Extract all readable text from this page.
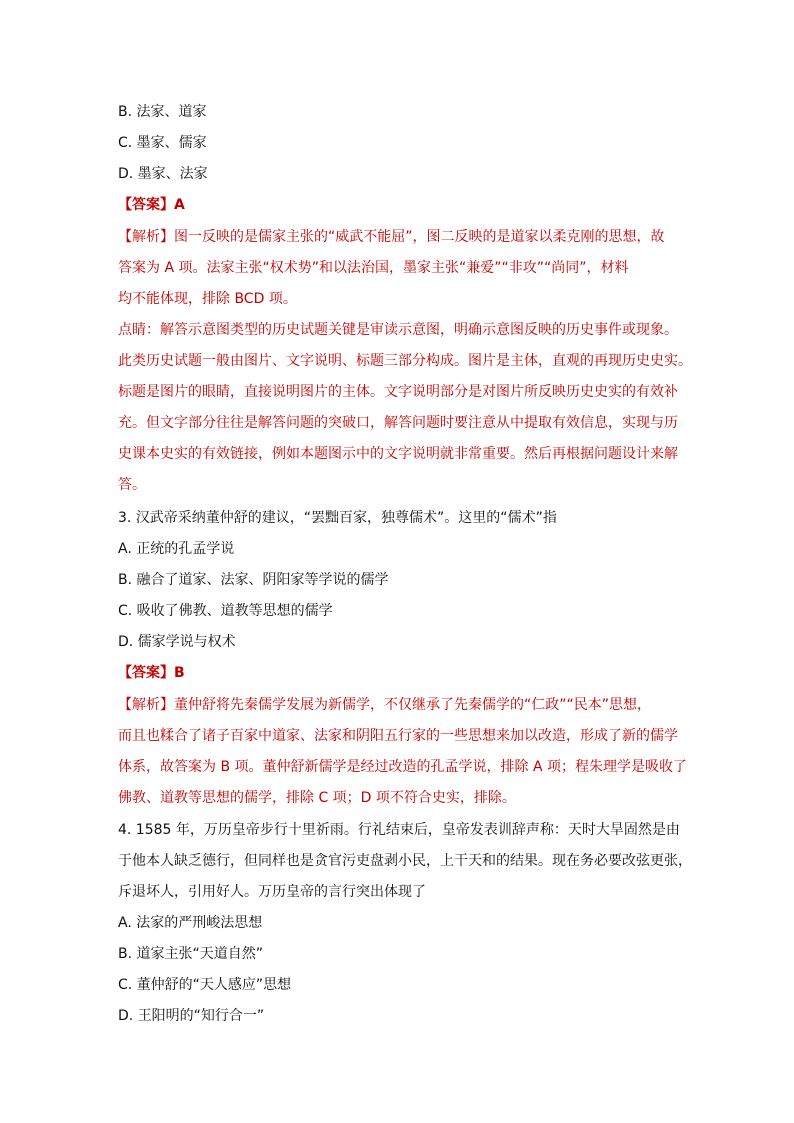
B. 法家、道家
C. 墨家、儒家
D. 墨家、法家
【答案】A
【解析】图一反映的是儒家主张的“威武不能屈”，图二反映的是道家以柔克刚的思想，故
答案为 A 项。法家主张“权术势”和以法治国，墨家主张“兼爱”“非攻”“尚同”，材料
均不能体现，排除 BCD 项。
点睛：解答示意图类型的历史试题关键是审读示意图，明确示意图反映的历史事件或现象。
此类历史试题一般由图片、文字说明、标题三部分构成。图片是主体，直观的再现历史史实。
标题是图片的眼睛，直接说明图片的主体。文字说明部分是对图片所反映历史史实的有效补
充。但文字部分往往是解答问题的突破口，解答问题时要注意从中提取有效信息，实现与历
史课本史实的有效链接，例如本题图示中的文字说明就非常重要。然后再根据问题设计来解
答。
3. 汉武帝采纳董仲舒的建议，“罢黜百家，独尊儒术”。这里的“儒术”指
A. 正统的孔孟学说
B. 融合了道家、法家、阴阳家等学说的儒学
C. 吸收了佛教、道教等思想的儒学
D. 儒家学说与权术
【答案】B
【解析】董仲舒将先秦儒学发展为新儒学，不仅继承了先秦儒学的“仁政”“民本”思想，
而且也糅合了诸子百家中道家、法家和阴阳五行家的一些思想来加以改造，形成了新的儒学
体系，故答案为 B 项。董仲舒新儒学是经过改造的孔孟学说，排除 A 项；程朱理学是吸收了
佛教、道教等思想的儒学，排除 C 项；D 项不符合史实，排除。
4. 1585 年，万历皇帝步行十里祈雨。行礼结束后，皇帝发表训辞声称：天时大旱固然是由
于他本人缺乏德行，但同样也是贪官污吏盘剥小民，上干天和的结果。现在务必要改弦更张，
斥退坏人，引用好人。万历皇帝的言行突出体现了
A. 法家的严刑峻法思想
B. 道家主张“天道自然”
C. 董仲舒的“天人感应”思想
D. 王阳明的“知行合一”
